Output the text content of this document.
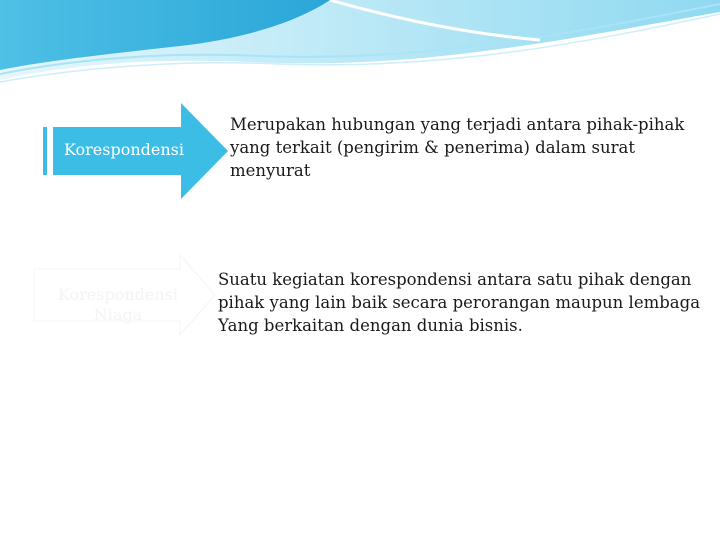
Korespondensi
Merupakan hubungan yang terjadi antara pihak-pihak
yang terkait (pengirim & penerima) dalam surat
menyurat
Korespondensi
Niaga
Suatu kegiatan korespondensi antara satu pihak dengan
pihak yang lain baik secara perorangan maupun lembaga
Yang berkaitan dengan dunia bisnis.
